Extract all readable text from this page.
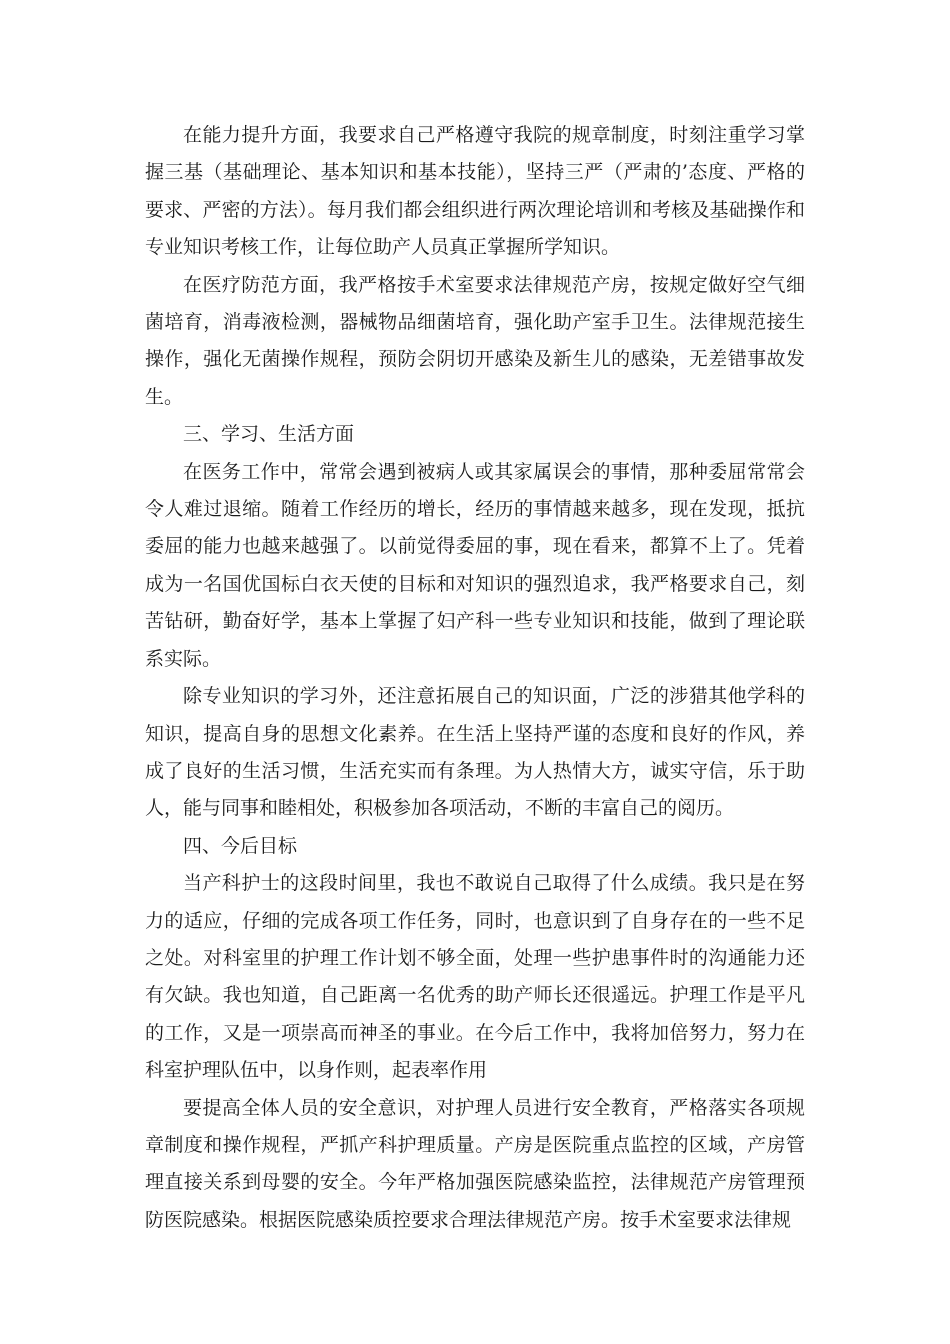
在能力提升方面，我要求自己严格遵守我院的规章制度，时刻注重学习掌握三基（基础理论、基本知识和基本技能），坚持三严（严肃的’态度、严格的要求、严密的方法）。每月我们都会组织进行两次理论培训和考核及基础操作和专业知识考核工作，让每位助产人员真正掌握所学知识。

在医疗防范方面，我严格按手术室要求法律规范产房，按规定做好空气细菌培育，消毒液检测，器械物品细菌培育，强化助产室手卫生。法律规范接生操作，强化无菌操作规程，预防会阴切开感染及新生儿的感染，无差错事故发生。

三、学习、生活方面

在医务工作中，常常会遇到被病人或其家属误会的事情，那种委屈常常会令人难过退缩。随着工作经历的增长，经历的事情越来越多，现在发现，抵抗委屈的能力也越来越强了。以前觉得委屈的事，现在看来，都算不上了。凭着成为一名国优国标白衣天使的目标和对知识的强烈追求，我严格要求自己，刻苦钻研，勤奋好学，基本上掌握了妇产科一些专业知识和技能，做到了理论联系实际。

除专业知识的学习外，还注意拓展自己的知识面，广泛的涉猎其他学科的知识，提高自身的思想文化素养。在生活上坚持严谨的态度和良好的作风，养成了良好的生活习惯，生活充实而有条理。为人热情大方，诚实守信，乐于助人，能与同事和睦相处，积极参加各项活动，不断的丰富自己的阅历。

四、今后目标

当产科护士的这段时间里，我也不敢说自己取得了什么成绩。我只是在努力的适应，仔细的完成各项工作任务，同时，也意识到了自身存在的一些不足之处。对科室里的护理工作计划不够全面，处理一些护患事件时的沟通能力还有欠缺。我也知道，自己距离一名优秀的助产师长还很遥远。护理工作是平凡的工作，又是一项崇高而神圣的事业。在今后工作中，我将加倍努力，努力在科室护理队伍中，以身作则，起表率作用

要提高全体人员的安全意识，对护理人员进行安全教育，严格落实各项规章制度和操作规程，严抓产科护理质量。产房是医院重点监控的区域，产房管理直接关系到母婴的安全。今年严格加强医院感染监控，法律规范产房管理预防医院感染。根据医院感染质控要求合理法律规范产房。按手术室要求法律规
